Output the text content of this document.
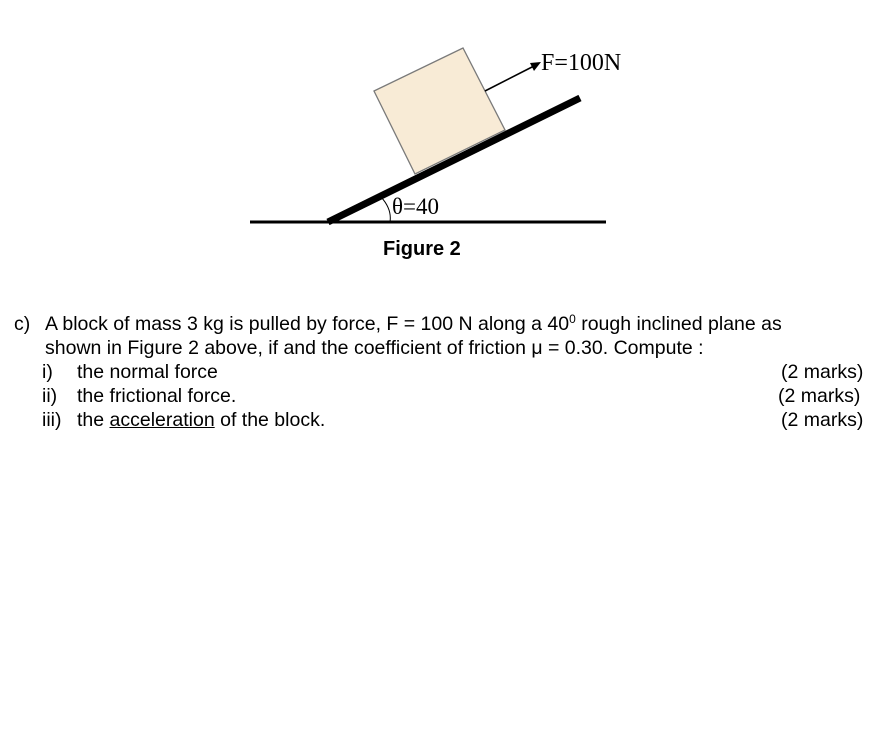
F=100N
θ=40
Figure 2
c) A block of mass 3 kg is pulled by force, F = 100 N along a $40^0$ rough inclined plane as
shown in Figure 2 above, if and the coefficient of friction μ = 0.30. Compute :
i) the normal force	(2 marks)
ii) the frictional force.	(2 marks)
iii) the acceleration of the block.	(2 marks)
